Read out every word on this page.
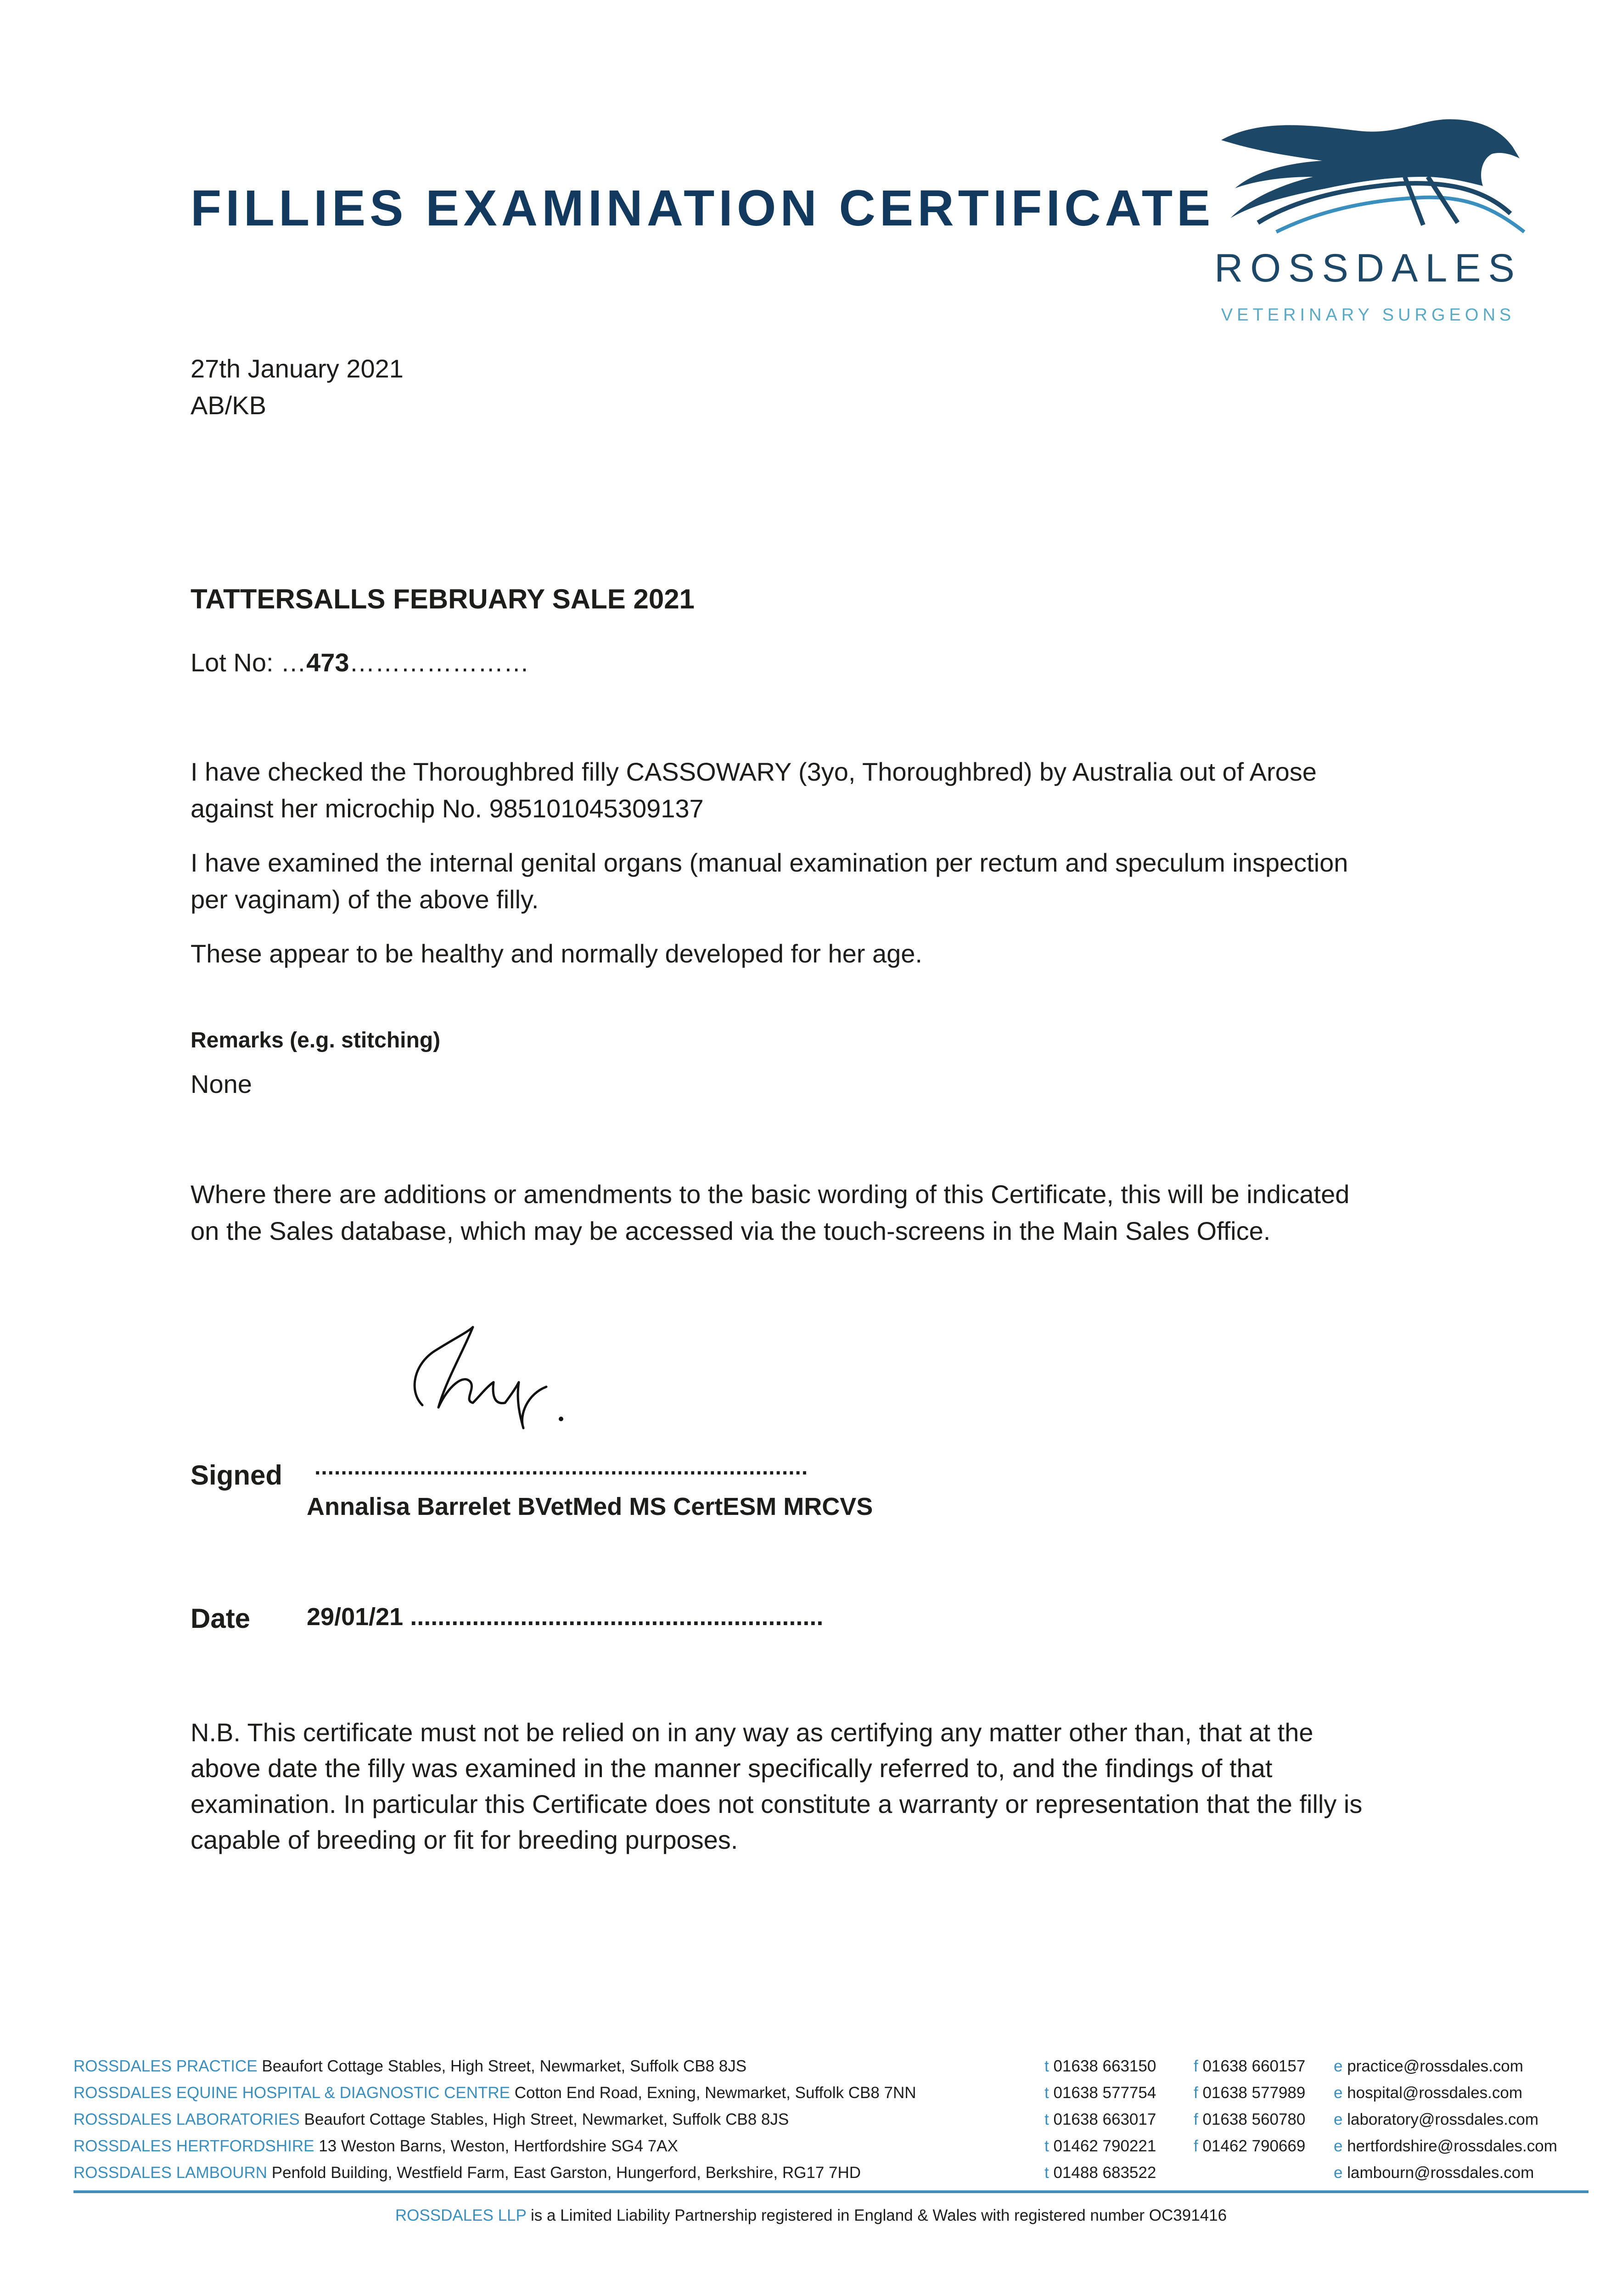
FILLIES EXAMINATION CERTIFICATE
ROSSDALES
VETERINARY SURGEONS
27th January 2021
AB/KB
TATTERSALLS FEBRUARY SALE 2021
Lot No: …473…………………
I have checked the Thoroughbred filly CASSOWARY (3yo, Thoroughbred) by Australia out of Arose
against her microchip No. 985101045309137
I have examined the internal genital organs (manual examination per rectum and speculum inspection
per vaginam) of the above filly.
These appear to be healthy and normally developed for her age.
Remarks (e.g. stitching)
None
Where there are additions or amendments to the basic wording of this Certificate, this will be indicated
on the Sales database, which may be accessed via the touch-screens in the Main Sales Office.
Signed ...........................................................................
Annalisa Barrelet BVetMed MS CertESM MRCVS
Date 29/01/21 ............................................................
N.B. This certificate must not be relied on in any way as certifying any matter other than, that at the
above date the filly was examined in the manner specifically referred to, and the findings of that
examination. In particular this Certificate does not constitute a warranty or representation that the filly is
capable of breeding or fit for breeding purposes.
ROSSDALES PRACTICE Beaufort Cottage Stables, High Street, Newmarket, Suffolk CB8 8JS	t 01638 663150 f 01638 660157 e practice@rossdales.com
ROSSDALES EQUINE HOSPITAL & DIAGNOSTIC CENTRE Cotton End Road, Exning, Newmarket, Suffolk CB8 7NN	t 01638 577754 f 01638 577989 e hospital@rossdales.com
ROSSDALES LABORATORIES Beaufort Cottage Stables, High Street, Newmarket, Suffolk CB8 8JS	t 01638 663017 f 01638 560780 e laboratory@rossdales.com
ROSSDALES HERTFORDSHIRE 13 Weston Barns, Weston, Hertfordshire SG4 7AX	t 01462 790221 f 01462 790669 e hertfordshire@rossdales.com
ROSSDALES LAMBOURN Penfold Building, Westfield Farm, East Garston, Hungerford, Berkshire, RG17 7HD	t 01488 683522	e lambourn@rossdales.com
ROSSDALES LLP is a Limited Liability Partnership registered in England & Wales with registered number OC391416
